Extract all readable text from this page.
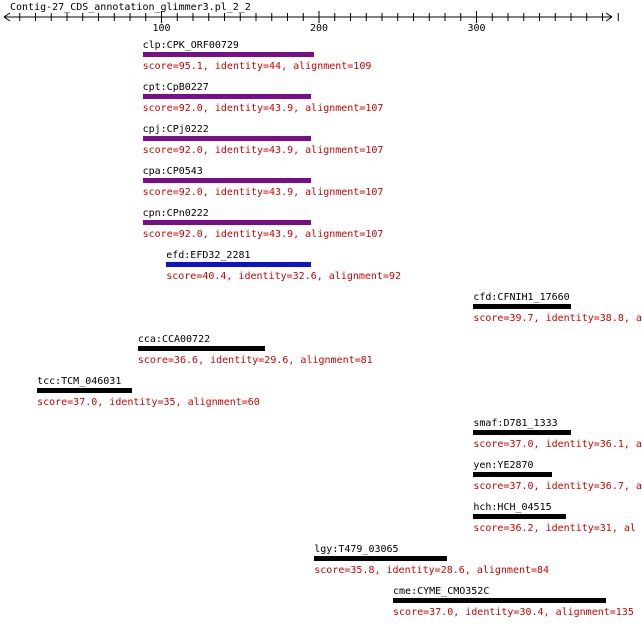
Contig-27_CDS_annotation_glimmer3.pl_2_2
100	200	300
clp:CPK_ORF00729
score=95.1, identity=44, alignment=109
cpt:CpB0227
score=92.0, identity=43.9, alignment=107
cpj:CPj0222
score=92.0, identity=43.9, alignment=107
cpa:CP0543
score=92.0, identity=43.9, alignment=107
cpn:CPn0222
score=92.0, identity=43.9, alignment=107
efd:EFD32_2281
score=40.4, identity=32.6, alignment=92
cfd:CFNIH1_17660
score=39.7, identity=38.8, a
cca:CCA00722
score=36.6, identity=29.6, alignment=81
tcc:TCM_046031
score=37.0, identity=35, alignment=60
smaf:D781_1333
score=37.0, identity=36.1, a
yen:YE2870
score=37.0, identity=36.7, a
hch:HCH_04515
score=36.2, identity=31, al
lgy:T479_03065
score=35.8, identity=28.6, alignment=84
cme:CYME_CMO352C
score=37.0, identity=30.4, alignment=135
